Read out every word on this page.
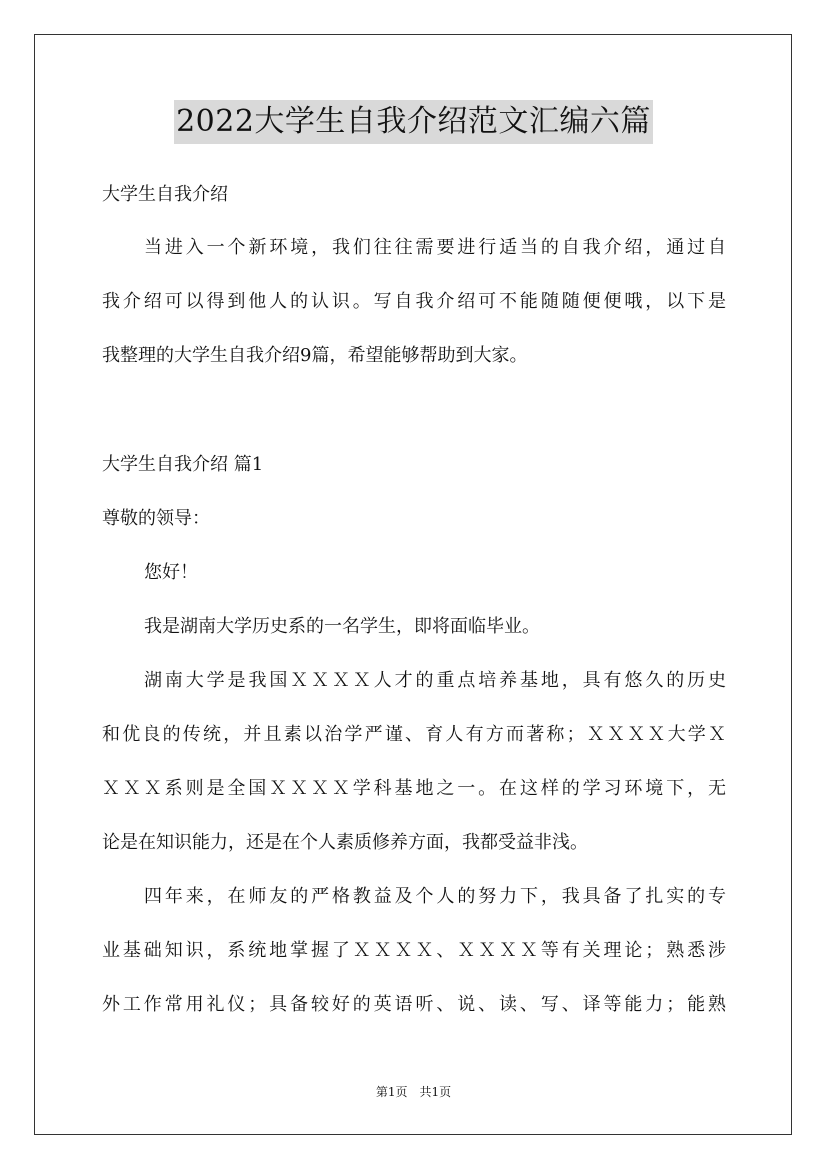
2022大学生自我介绍范文汇编六篇
大学生自我介绍
当进入一个新环境，我们往往需要进行适当的自我介绍，通过自
我介绍可以得到他人的认识。写自我介绍可不能随随便便哦，以下是
我整理的大学生自我介绍9篇，希望能够帮助到大家。
大学生自我介绍 篇1
尊敬的领导：
您好！
我是湖南大学历史系的一名学生，即将面临毕业。
湖南大学是我国ＸＸＸＸ人才的重点培养基地，具有悠久的历史
和优良的传统，并且素以治学严谨、育人有方而著称；ＸＸＸＸ大学Ｘ
ＸＸＸ系则是全国ＸＸＸＸ学科基地之一。在这样的学习环境下，无
论是在知识能力，还是在个人素质修养方面，我都受益非浅。
四年来，在师友的严格教益及个人的努力下，我具备了扎实的专
业基础知识，系统地掌握了ＸＸＸＸ、ＸＸＸＸ等有关理论；熟悉涉
外工作常用礼仪；具备较好的英语听、说、读、写、译等能力；能熟
第1页　共1页
